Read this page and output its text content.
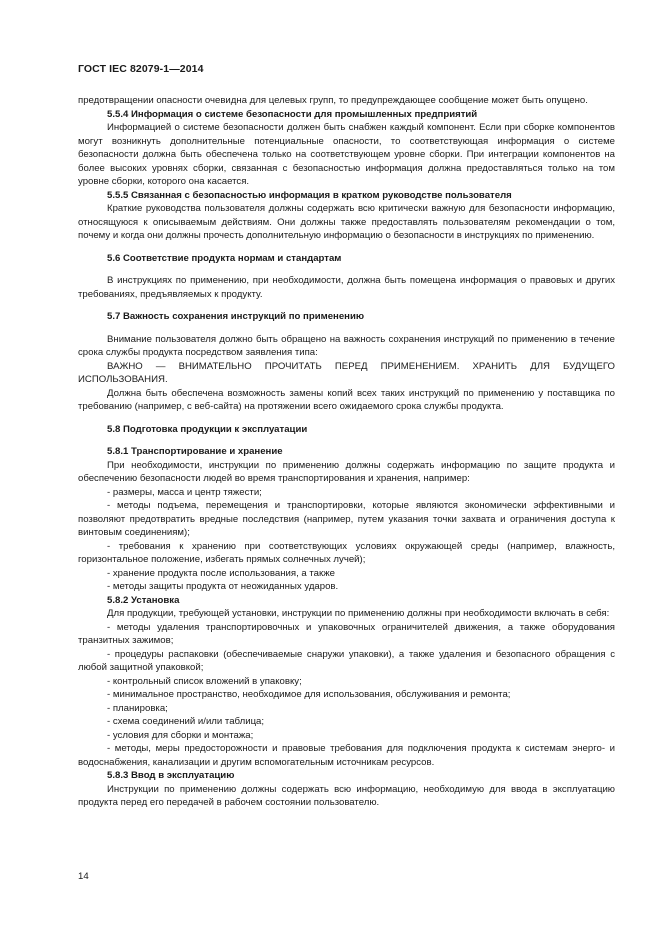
ГОСТ IEC 82079-1—2014

предотвращении опасности очевидна для целевых групп, то предупреждающее сообщение может быть опущено.

5.5.4 Информация о системе безопасности для промышленных предприятий

Информацией о системе безопасности должен быть снабжен каждый компонент. Если при сборке компонентов могут возникнуть дополнительные потенциальные опасности, то соответствующая информация о системе безопасности должна быть обеспечена только на соответствующем уровне сборки. При интеграции компонентов на более высоких уровнях сборки, связанная с безопасностью информация должна предоставляться только на том уровне сборки, которого она касается.

5.5.5 Связанная с безопасностью информация в кратком руководстве пользователя

Краткие руководства пользователя должны содержать всю критически важную для безопасности информацию, относящуюся к описываемым действиям. Они должны также предоставлять пользователям рекомендации о том, почему и когда они должны прочесть дополнительную информацию о безопасности в инструкциях по применению.

5.6 Соответствие продукта нормам и стандартам

В инструкциях по применению, при необходимости, должна быть помещена информация о правовых и других требованиях, предъявляемых к продукту.

5.7 Важность сохранения инструкций по применению

Внимание пользователя должно быть обращено на важность сохранения инструкций по применению в течение срока службы продукта посредством заявления типа:

ВАЖНО — ВНИМАТЕЛЬНО ПРОЧИТАТЬ ПЕРЕД ПРИМЕНЕНИЕМ. ХРАНИТЬ ДЛЯ БУДУЩЕГО ИСПОЛЬЗОВАНИЯ.

Должна быть обеспечена возможность замены копий всех таких инструкций по применению у поставщика по требованию (например, с веб-сайта) на протяжении всего ожидаемого срока службы продукта.

5.8 Подготовка продукции к эксплуатации

5.8.1 Транспортирование и хранение

При необходимости, инструкции по применению должны содержать информацию по защите продукта и обеспечению безопасности людей во время транспортирования и хранения, например:

- размеры, масса и центр тяжести;

- методы подъема, перемещения и транспортировки, которые являются экономически эффективными и позволяют предотвратить вредные последствия (например, путем указания точки захвата и ограничения доступа к винтовым соединениям);

- требования к хранению при соответствующих условиях окружающей среды (например, влажность, горизонтальное положение, избегать прямых солнечных лучей);

- хранение продукта после использования, а также

- методы защиты продукта от неожиданных ударов.

5.8.2 Установка

Для продукции, требующей установки, инструкции по применению должны при необходимости включать в себя:

- методы удаления транспортировочных и упаковочных ограничителей движения, а также оборудования транзитных зажимов;

- процедуры распаковки (обеспечиваемые снаружи упаковки), а также удаления и безопасного обращения с любой защитной упаковкой;

- контрольный список вложений в упаковку;

- минимальное пространство, необходимое для использования, обслуживания и ремонта;

- планировка;

- схема соединений и/или таблица;

- условия для сборки и монтажа;

- методы, меры предосторожности и правовые требования для подключения продукта к системам энерго- и водоснабжения, канализации и другим вспомогательным источникам ресурсов.

5.8.3 Ввод в эксплуатацию

Инструкции по применению должны содержать всю информацию, необходимую для ввода в эксплуатацию продукта перед его передачей в рабочем состоянии пользователю.

14
